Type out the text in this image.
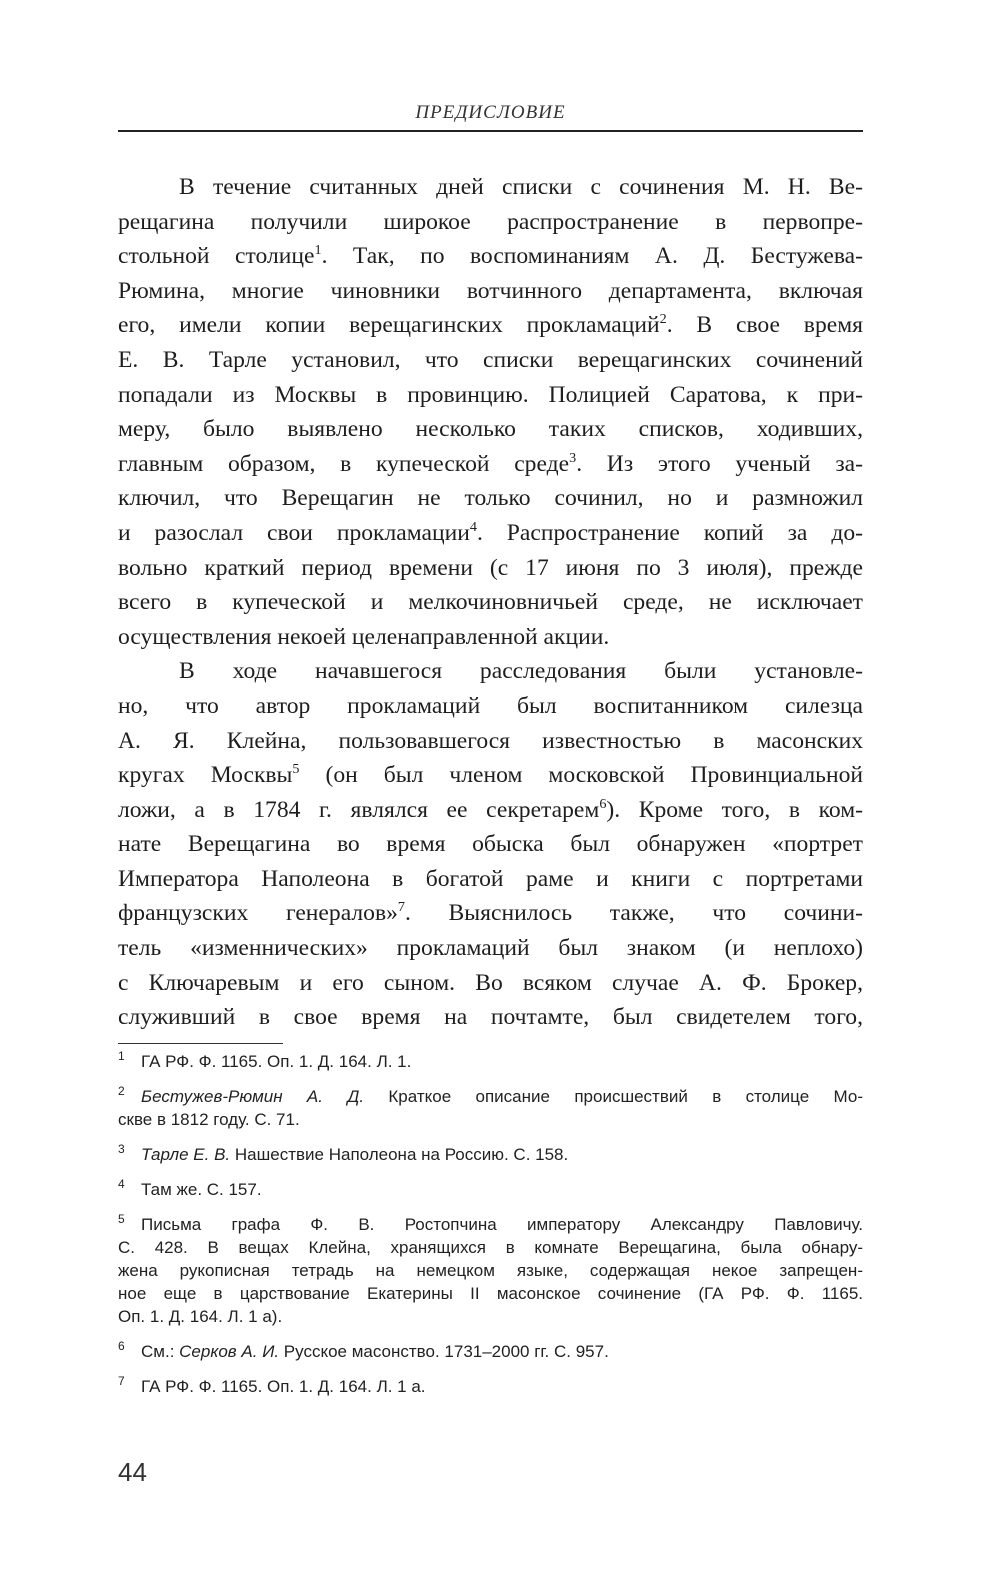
ПРЕДИСЛОВИЕ
В течение считанных дней списки с сочинения М. Н. Ве-
рещагина получили широкое распространение в первопре-
стольной столице$^1$. Так, по воспоминаниям А. Д. Бестужева-
Рюмина, многие чиновники вотчинного департамента, включая
его, имели копии верещагинских прокламаций$^2$. В свое время
Е. В. Тарле установил, что списки верещагинских сочинений
попадали из Москвы в провинцию. Полицией Саратова, к при-
меру, было выявлено несколько таких списков, ходивших,
главным образом, в купеческой среде$^3$. Из этого ученый за-
ключил, что Верещагин не только сочинил, но и размножил
и разослал свои прокламации$^4$. Распространение копий за до-
вольно краткий период времени (с 17 июня по 3 июля), прежде
всего в купеческой и мелкочиновничьей среде, не исключает
осуществления некоей целенаправленной акции.
В ходе начавшегося расследования были установле-
но, что автор прокламаций был воспитанником силезца
А. Я. Клейна, пользовавшегося известностью в масонских
кругах Москвы$^5$ (он был членом московской Провинциальной
ложи, а в 1784 г. являлся ее секретарем$^6$). Кроме того, в ком-
нате Верещагина во время обыска был обнаружен «портрет
Императора Наполеона в богатой раме и книги с портретами
французских генералов»$^7$. Выяснилось также, что сочини-
тель «изменнических» прокламаций был знаком (и неплохо)
с Ключаревым и его сыном. Во всяком случае А. Ф. Брокер,
служивший в свое время на почтамте, был свидетелем того,
1 ГА РФ. Ф. 1165. Оп. 1. Д. 164. Л. 1.
2 Бестужев-Рюмин А. Д. Краткое описание происшествий в столице Мо-
скве в 1812 году. С. 71.
3 Тарле Е. В. Нашествие Наполеона на Россию. С. 158.
4 Там же. С. 157.
5 Письма графа Ф. В. Ростопчина императору Александру Павловичу.
С. 428. В вещах Клейна, хранящихся в комнате Верещагина, была обнару-
жена рукописная тетрадь на немецком языке, содержащая некое запрещен-
ное еще в царствование Екатерины II масонское сочинение (ГА РФ. Ф. 1165.
Оп. 1. Д. 164. Л. 1 а).
6 См.: Серков А. И. Русское масонство. 1731–2000 гг. С. 957.
7 ГА РФ. Ф. 1165. Оп. 1. Д. 164. Л. 1 а.
44
